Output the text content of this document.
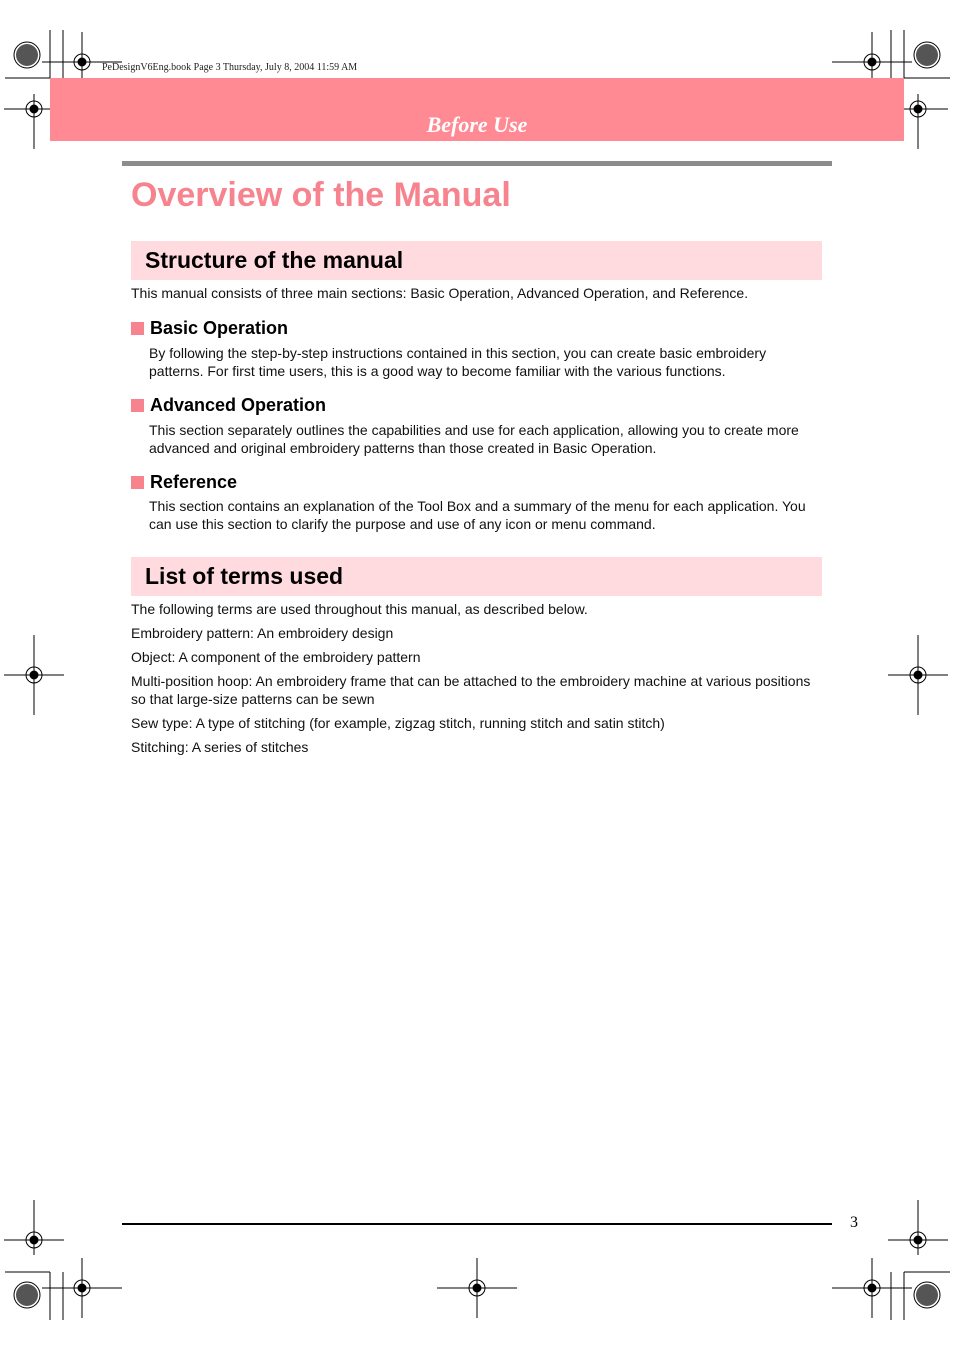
PeDesignV6Eng.book Page 3 Thursday, July 8, 2004 11:59 AM
Before Use
Overview of the Manual
Structure of the manual
This manual consists of three main sections: Basic Operation, Advanced Operation, and Reference.
Basic Operation
By following the step-by-step instructions contained in this section, you can create basic embroidery
patterns. For first time users, this is a good way to become familiar with the various functions.
Advanced Operation
This section separately outlines the capabilities and use for each application, allowing you to create more
advanced and original embroidery patterns than those created in Basic Operation.
Reference
This section contains an explanation of the Tool Box and a summary of the menu for each application. You
can use this section to clarify the purpose and use of any icon or menu command.
List of terms used
The following terms are used throughout this manual, as described below.
Embroidery pattern: An embroidery design
Object: A component of the embroidery pattern
Multi-position hoop: An embroidery frame that can be attached to the embroidery machine at various positions
so that large-size patterns can be sewn
Sew type: A type of stitching (for example, zigzag stitch, running stitch and satin stitch)
Stitching: A series of stitches
3
